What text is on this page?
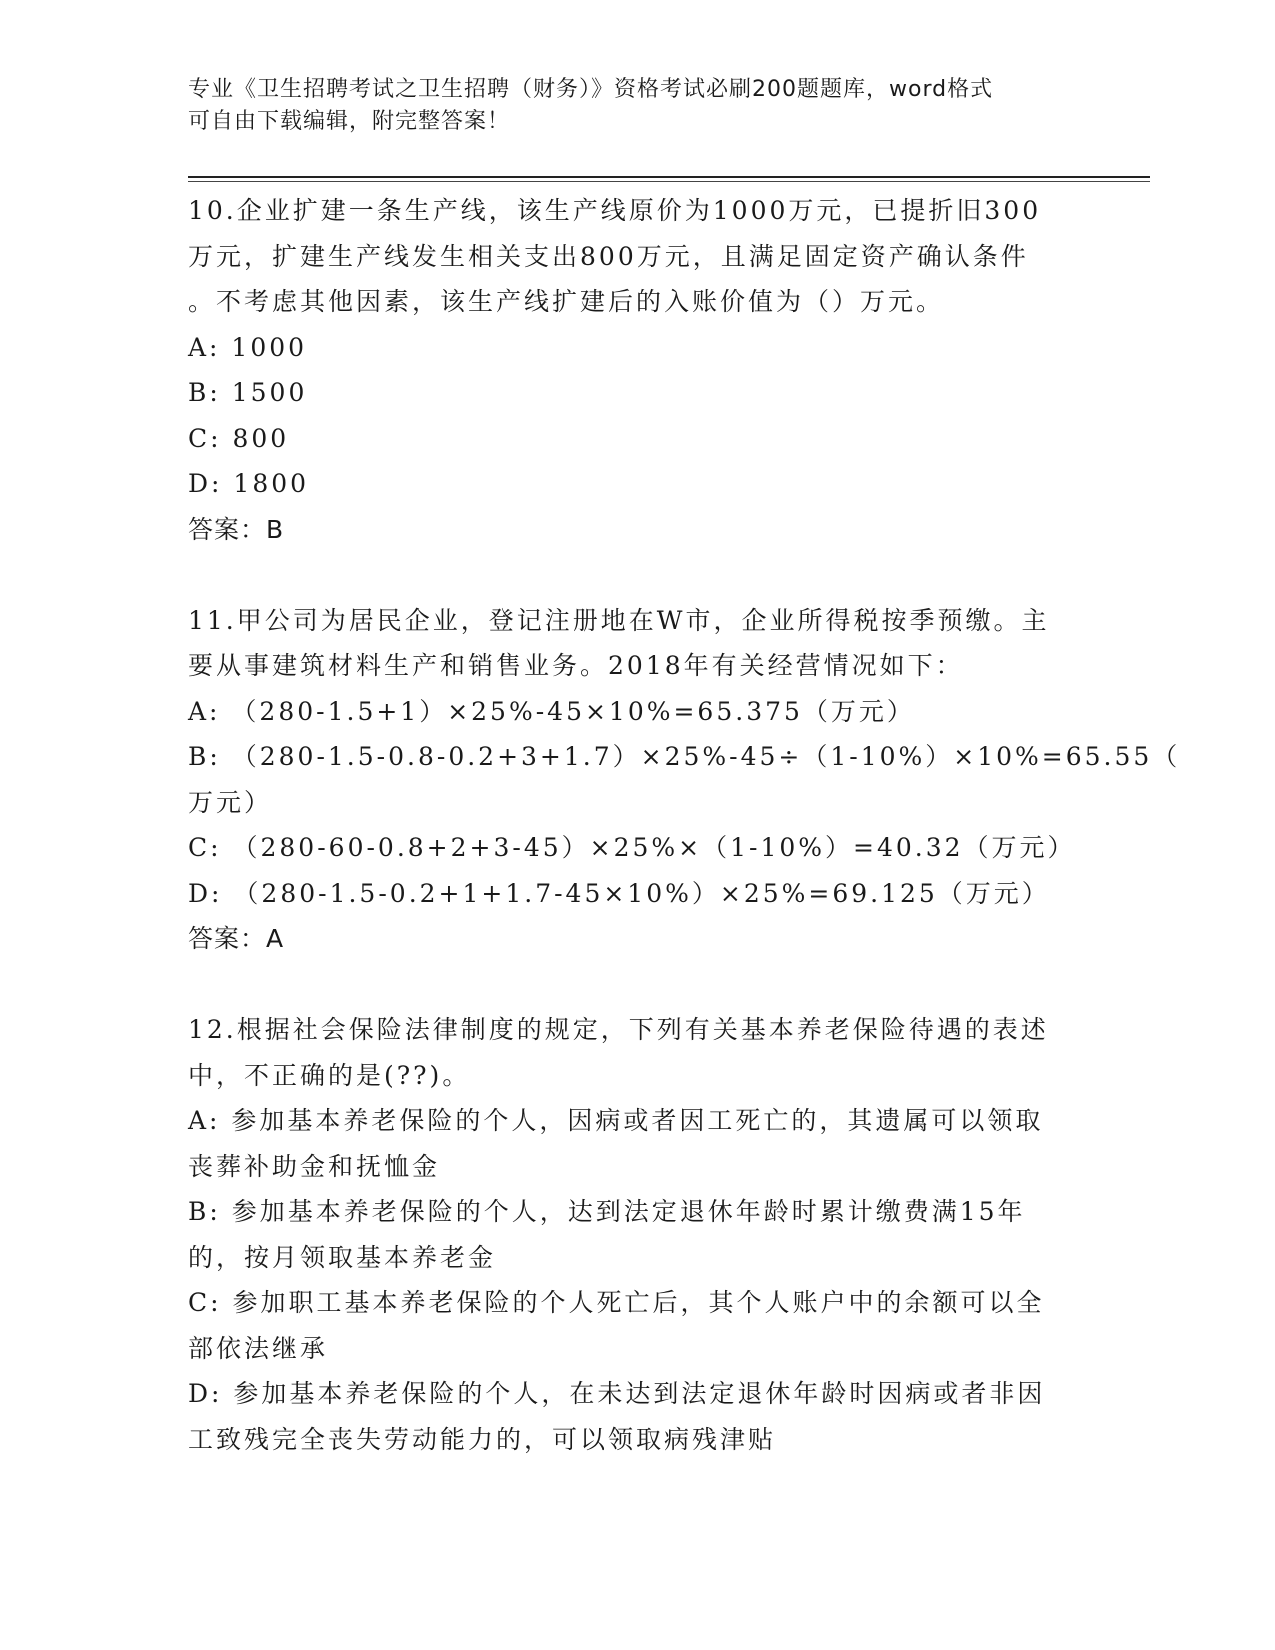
专业《卫生招聘考试之卫生招聘（财务）》资格考试必刷200题题库，word格式
可自由下载编辑，附完整答案！
10.企业扩建一条生产线，该生产线原价为1000万元，已提折旧300
万元，扩建生产线发生相关支出800万元，且满足固定资产确认条件
。不考虑其他因素，该生产线扩建后的入账价值为（）万元。
A: 1000
B: 1500
C: 800
D: 1800
答案：B
11.甲公司为居民企业，登记注册地在W市，企业所得税按季预缴。主
要从事建筑材料生产和销售业务。2018年有关经营情况如下：
A: （280-1.5+1）×25%-45×10%=65.375（万元）
B: （280-1.5-0.8-0.2+3+1.7）×25%-45÷（1-10%）×10%=65.55（
万元）
C: （280-60-0.8+2+3-45）×25%×（1-10%）=40.32（万元）
D: （280-1.5-0.2+1+1.7-45×10%）×25%=69.125（万元）
答案：A
12.根据社会保险法律制度的规定，下列有关基本养老保险待遇的表述
中，不正确的是(??)。
A: 参加基本养老保险的个人，因病或者因工死亡的，其遗属可以领取
丧葬补助金和抚恤金
B: 参加基本养老保险的个人，达到法定退休年龄时累计缴费满15年
的，按月领取基本养老金
C: 参加职工基本养老保险的个人死亡后，其个人账户中的余额可以全
部依法继承
D: 参加基本养老保险的个人，在未达到法定退休年龄时因病或者非因
工致残完全丧失劳动能力的，可以领取病残津贴
